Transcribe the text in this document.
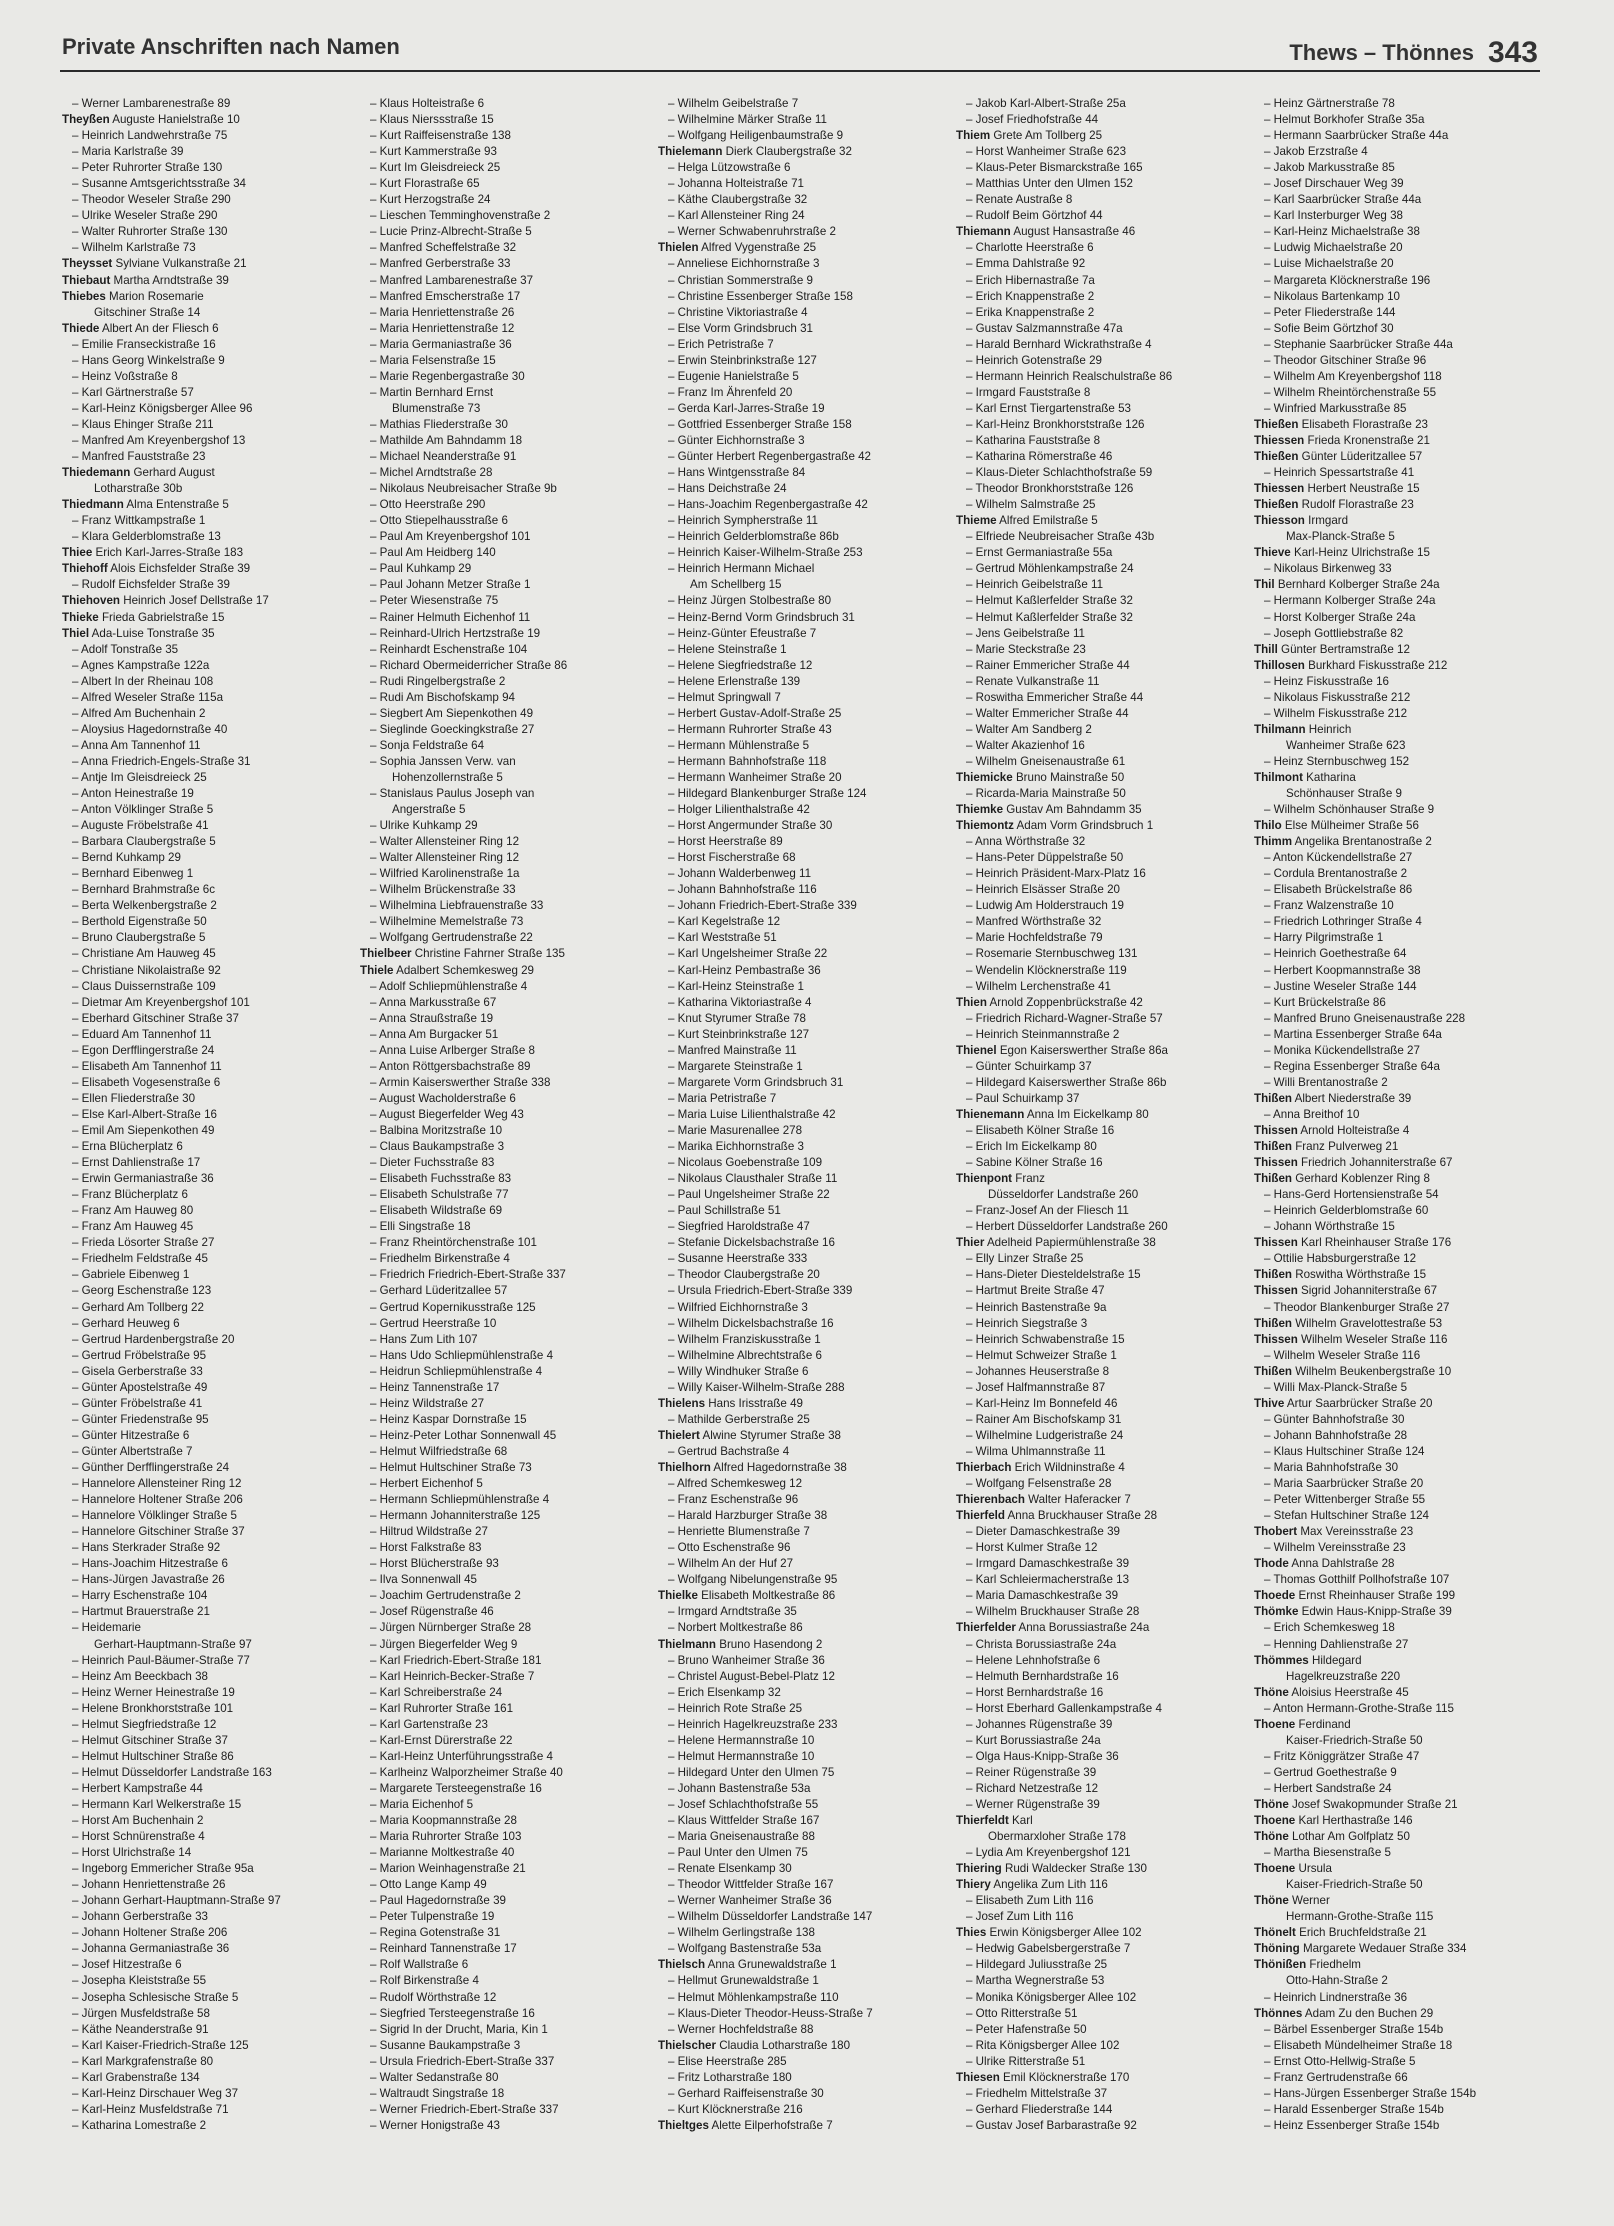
Private Anschriften nach Namen	Thews – Thönnes 343
– Werner Lambarenestraße 89
Theyßen Auguste Hanielstraße 10
– Heinrich Landwehrstraße 75
– Maria Karlstraße 39
– Peter Ruhrorter Straße 130
– Susanne Amtsgerichtsstraße 34
– Theodor Weseler Straße 290
– Ulrike Weseler Straße 290
– Walter Ruhrorter Straße 130
– Wilhelm Karlstraße 73
Theysset Sylviane Vulkanstraße 21
Thiebaut Martha Arndtstraße 39
Thiebes Marion Rosemarie
Gitschiner Straße 14
Thiede Albert An der Fliesch 6
– Emilie Franseckistraße 16
– Hans Georg Winkelstraße 9
– Heinz Voßstraße 8
– Karl Gärtnerstraße 57
– Karl-Heinz Königsberger Allee 96
– Klaus Ehinger Straße 211
– Manfred Am Kreyenbergshof 13
– Manfred Fauststraße 23
Thiedemann Gerhard August
Lotharstraße 30b
Thiedmann Alma Entenstraße 5
– Franz Wittkampstraße 1
– Klara Gelderblomstraße 13
Thiee Erich Karl-Jarres-Straße 183
Thiehoff Alois Eichsfelder Straße 39
– Rudolf Eichsfelder Straße 39
Thiehoven Heinrich Josef Dellstraße 17
Thieke Frieda Gabrielstraße 15
Thiel Ada-Luise Tonstraße 35
– Adolf Tonstraße 35
– Agnes Kampstraße 122a
– Albert In der Rheinau 108
– Alfred Weseler Straße 115a
– Alfred Am Buchenhain 2
– Aloysius Hagedornstraße 40
– Anna Am Tannenhof 11
– Anna Friedrich-Engels-Straße 31
– Antje Im Gleisdreieck 25
– Anton Heinestraße 19
– Anton Völklinger Straße 5
– Auguste Fröbelstraße 41
– Barbara Claubergstraße 5
– Bernd Kuhkamp 29
– Bernhard Eibenweg 1
– Bernhard Brahmstraße 6c
– Berta Welkenbergstraße 2
– Berthold Eigenstraße 50
– Bruno Claubergstraße 5
– Christiane Am Hauweg 45
– Christiane Nikolaistraße 92
– Claus Duissernstraße 109
– Dietmar Am Kreyenbergshof 101
– Eberhard Gitschiner Straße 37
– Eduard Am Tannenhof 11
– Egon Derfflingerstraße 24
– Elisabeth Am Tannenhof 11
– Elisabeth Vogesenstraße 6
– Ellen Fliederstraße 30
– Else Karl-Albert-Straße 16
– Emil Am Siepenkothen 49
– Erna Blücherplatz 6
– Ernst Dahlienstraße 17
– Erwin Germaniastraße 36
– Franz Blücherplatz 6
– Franz Am Hauweg 80
– Franz Am Hauweg 45
– Frieda Lösorter Straße 27
– Friedhelm Feldstraße 45
– Gabriele Eibenweg 1
– Georg Eschenstraße 123
– Gerhard Am Tollberg 22
– Gerhard Heuweg 6
– Gertrud Hardenbergstraße 20
– Gertrud Fröbelstraße 95
– Gisela Gerberstraße 33
– Günter Apostelstraße 49
– Günter Fröbelstraße 41
– Günter Friedenstraße 95
– Günter Hitzestraße 6
– Günter Albertstraße 7
– Günther Derfflingerstraße 24
– Hannelore Allensteiner Ring 12
– Hannelore Holtener Straße 206
– Hannelore Völklinger Straße 5
– Hannelore Gitschiner Straße 37
– Hans Sterkrader Straße 92
– Hans-Joachim Hitzestraße 6
– Hans-Jürgen Javastraße 26
– Harry Eschenstraße 104
– Hartmut Brauerstraße 21
– Heidemarie
Gerhart-Hauptmann-Straße 97
– Heinrich Paul-Bäumer-Straße 77
– Heinz Am Beeckbach 38
– Heinz Werner Heinestraße 19
– Helene Bronkhorststraße 101
– Helmut Siegfriedstraße 12
– Helmut Gitschiner Straße 37
– Helmut Hultschiner Straße 86
– Helmut Düsseldorfer Landstraße 163
– Herbert Kampstraße 44
– Hermann Karl Welkerstraße 15
– Horst Am Buchenhain 2
– Horst Schnürenstraße 4
– Horst Ulrichstraße 14
– Ingeborg Emmericher Straße 95a
– Johann Henriettenstraße 26
– Johann Gerhart-Hauptmann-Straße 97
– Johann Gerberstraße 33
– Johann Holtener Straße 206
– Johanna Germaniastraße 36
– Josef Hitzestraße 6
– Josepha Kleiststraße 55
– Josepha Schlesische Straße 5
– Jürgen Musfeldstraße 58
– Käthe Neanderstraße 91
– Karl Kaiser-Friedrich-Straße 125
– Karl Markgrafenstraße 80
– Karl Grabenstraße 134
– Karl-Heinz Dirschauer Weg 37
– Karl-Heinz Musfeldstraße 71
– Katharina Lomestraße 2
– Klaus Holteistraße 6
– Klaus Nierssstraße 15
– Kurt Raiffeisenstraße 138
– Kurt Kammerstraße 93
– Kurt Im Gleisdreieck 25
– Kurt Florastraße 65
– Kurt Herzogstraße 24
– Lieschen Temminghovenstraße 2
– Lucie Prinz-Albrecht-Straße 5
– Manfred Scheffelstraße 32
– Manfred Gerberstraße 33
– Manfred Lambarenestraße 37
– Manfred Emscherstraße 17
– Maria Henriettenstraße 26
– Maria Henriettenstraße 12
– Maria Germaniastraße 36
– Maria Felsenstraße 15
– Marie Regenbergastraße 30
– Martin Bernhard Ernst
Blumenstraße 73
– Mathias Fliederstraße 30
– Mathilde Am Bahndamm 18
– Michael Neanderstraße 91
– Michel Arndtstraße 28
– Nikolaus Neubreisacher Straße 9b
– Otto Heerstraße 290
– Otto Stiepelhausstraße 6
– Paul Am Kreyenbergshof 101
– Paul Am Heidberg 140
– Paul Kuhkamp 29
– Paul Johann Metzer Straße 1
– Peter Wiesenstraße 75
– Rainer Helmuth Eichenhof 11
– Reinhard-Ulrich Hertzstraße 19
– Reinhardt Eschenstraße 104
– Richard Obermeiderricher Straße 86
– Rudi Ringelbergstraße 2
– Rudi Am Bischofskamp 94
– Siegbert Am Siepenkothen 49
– Sieglinde Goeckingkstraße 27
– Sonja Feldstraße 64
– Sophia Janssen Verw. van
Hohenzollernstraße 5
– Stanislaus Paulus Joseph van
Angerstraße 5
– Ulrike Kuhkamp 29
– Walter Allensteiner Ring 12
– Walter Allensteiner Ring 12
– Wilfried Karolinenstraße 1a
– Wilhelm Brückenstraße 33
– Wilhelmina Liebfrauenstraße 33
– Wilhelmine Memelstraße 73
– Wolfgang Gertrudenstraße 22
Thielbeer Christine Fahrner Straße 135
Thiele Adalbert Schemkesweg 29
– Adolf Schliepmühlenstraße 4
– Anna Markusstraße 67
– Anna Straußstraße 19
– Anna Am Burgacker 51
– Anna Luise Arlberger Straße 8
– Anton Röttgersbachstraße 89
– Armin Kaiserswerther Straße 338
– August Wacholderstraße 6
– August Biegerfelder Weg 43
– Balbina Moritzstraße 10
– Claus Baukampstraße 3
– Dieter Fuchsstraße 83
– Elisabeth Fuchsstraße 83
– Elisabeth Schulstraße 77
– Elisabeth Wildstraße 69
– Elli Singstraße 18
– Franz Rheintörchenstraße 101
– Friedhelm Birkenstraße 4
– Friedrich Friedrich-Ebert-Straße 337
– Gerhard Lüderitzallee 57
– Gertrud Kopernikusstraße 125
– Gertrud Heerstraße 10
– Hans Zum Lith 107
– Hans Udo Schliepmühlenstraße 4
– Heidrun Schliepmühlenstraße 4
– Heinz Tannenstraße 17
– Heinz Wildstraße 27
– Heinz Kaspar Dornstraße 15
– Heinz-Peter Lothar Sonnenwall 45
– Helmut Wilfriedstraße 68
– Helmut Hultschiner Straße 73
– Herbert Eichenhof 5
– Hermann Schliepmühlenstraße 4
– Hermann Johanniterstraße 125
– Hiltrud Wildstraße 27
– Horst Falkstraße 83
– Horst Blücherstraße 93
– Ilva Sonnenwall 45
– Joachim Gertrudenstraße 2
– Josef Rügenstraße 46
– Jürgen Nürnberger Straße 28
– Jürgen Biegerfelder Weg 9
– Karl Friedrich-Ebert-Straße 181
– Karl Heinrich-Becker-Straße 7
– Karl Schreiberstraße 24
– Karl Ruhrorter Straße 161
– Karl Gartenstraße 23
– Karl-Ernst Dürerstraße 22
– Karl-Heinz Unterführungsstraße 4
– Karlheinz Walporzheimer Straße 40
– Margarete Tersteegenstraße 16
– Maria Eichenhof 5
– Maria Koopmannstraße 28
– Maria Ruhrorter Straße 103
– Marianne Moltkestraße 40
– Marion Weinhagenstraße 21
– Otto Lange Kamp 49
– Paul Hagedornstraße 39
– Peter Tulpenstraße 19
– Regina Gotenstraße 31
– Reinhard Tannenstraße 17
– Rolf Wallstraße 6
– Rolf Birkenstraße 4
– Rudolf Wörthstraße 12
– Siegfried Tersteegenstraße 16
– Sigrid In der Drucht, Maria, Kin 1
– Susanne Baukampstraße 3
– Ursula Friedrich-Ebert-Straße 337
– Walter Sedanstraße 80
– Waltraudt Singstraße 18
– Werner Friedrich-Ebert-Straße 337
– Werner Honigstraße 43
– Wilhelm Geibelstraße 7
– Wilhelmine Märker Straße 11
– Wolfgang Heiligenbaumstraße 9
Thielemann Dierk Claubergstraße 32
– Helga Lützowstraße 6
– Johanna Holteistraße 71
– Käthe Claubergstraße 32
– Karl Allensteiner Ring 24
– Werner Schwabenruhrstraße 2
Thielen Alfred Vygenstraße 25
– Anneliese Eichhornstraße 3
– Christian Sommerstraße 9
– Christine Essenberger Straße 158
– Christine Viktoriastraße 4
– Else Vorm Grindsbruch 31
– Erich Petristraße 7
– Erwin Steinbrinkstraße 127
– Eugenie Hanielstraße 5
– Franz Im Ährenfeld 20
– Gerda Karl-Jarres-Straße 19
– Gottfried Essenberger Straße 158
– Günter Eichhornstraße 3
– Günter Herbert Regenbergastraße 42
– Hans Wintgensstraße 84
– Hans Deichstraße 24
– Hans-Joachim Regenbergastraße 42
– Heinrich Sympherstraße 11
– Heinrich Gelderblomstraße 86b
– Heinrich Kaiser-Wilhelm-Straße 253
– Heinrich Hermann Michael
Am Schellberg 15
– Heinz Jürgen Stolbestraße 80
– Heinz-Bernd Vorm Grindsbruch 31
– Heinz-Günter Efeustraße 7
– Helene Steinstraße 1
– Helene Siegfriedstraße 12
– Helene Erlenstraße 139
– Helmut Springwall 7
– Herbert Gustav-Adolf-Straße 25
– Hermann Ruhrorter Straße 43
– Hermann Mühlenstraße 5
– Hermann Bahnhofstraße 118
– Hermann Wanheimer Straße 20
– Hildegard Blankenburger Straße 124
– Holger Lilienthalstraße 42
– Horst Angermunder Straße 30
– Horst Heerstraße 89
– Horst Fischerstraße 68
– Johann Walderbenweg 11
– Johann Bahnhofstraße 116
– Johann Friedrich-Ebert-Straße 339
– Karl Kegelstraße 12
– Karl Weststraße 51
– Karl Ungelsheimer Straße 22
– Karl-Heinz Pembastraße 36
– Karl-Heinz Steinstraße 1
– Katharina Viktoriastraße 4
– Knut Styrumer Straße 78
– Kurt Steinbrinkstraße 127
– Manfred Mainstraße 11
– Margarete Steinstraße 1
– Margarete Vorm Grindsbruch 31
– Maria Petristraße 7
– Maria Luise Lilienthalstraße 42
– Marie Masurenallee 278
– Marika Eichhornstraße 3
– Nicolaus Goebenstraße 109
– Nikolaus Clausthaler Straße 11
– Paul Ungelsheimer Straße 22
– Paul Schillstraße 51
– Siegfried Haroldstraße 47
– Stefanie Dickelsbachstraße 16
– Susanne Heerstraße 333
– Theodor Claubergstraße 20
– Ursula Friedrich-Ebert-Straße 339
– Wilfried Eichhornstraße 3
– Wilhelm Dickelsbachstraße 16
– Wilhelm Franziskusstraße 1
– Wilhelmine Albrechtstraße 6
– Willy Windhuker Straße 6
– Willy Kaiser-Wilhelm-Straße 288
Thielens Hans Irisstraße 49
– Mathilde Gerberstraße 25
Thielert Alwine Styrumer Straße 38
– Gertrud Bachstraße 4
Thielhorn Alfred Hagedornstraße 38
– Alfred Schemkesweg 12
– Franz Eschenstraße 96
– Harald Harzburger Straße 38
– Henriette Blumenstraße 7
– Otto Eschenstraße 96
– Wilhelm An der Huf 27
– Wolfgang Nibelungenstraße 95
Thielke Elisabeth Moltkestraße 86
– Irmgard Arndtstraße 35
– Norbert Moltkestraße 86
Thielmann Bruno Hasendong 2
– Bruno Wanheimer Straße 36
– Christel August-Bebel-Platz 12
– Erich Elsenkamp 32
– Heinrich Rote Straße 25
– Heinrich Hagelkreuzstraße 233
– Helene Hermannstraße 10
– Helmut Hermannstraße 10
– Hildegard Unter den Ulmen 75
– Johann Bastenstraße 53a
– Josef Schlachthofstraße 55
– Klaus Wittfelder Straße 167
– Maria Gneisenaustraße 88
– Paul Unter den Ulmen 75
– Renate Elsenkamp 30
– Theodor Wittfelder Straße 167
– Werner Wanheimer Straße 36
– Wilhelm Düsseldorfer Landstraße 147
– Wilhelm Gerlingstraße 138
– Wolfgang Bastenstraße 53a
Thielsch Anna Grunewaldstraße 1
– Hellmut Grunewaldstraße 1
– Helmut Möhlenkampstraße 110
– Klaus-Dieter Theodor-Heuss-Straße 7
– Werner Hochfeldstraße 88
Thielscher Claudia Lotharstraße 180
– Elise Heerstraße 285
– Fritz Lotharstraße 180
– Gerhard Raiffeisenstraße 30
– Kurt Klöcknerstraße 216
Thieltges Alette Eilperhofstraße 7
– Jakob Karl-Albert-Straße 25a
– Josef Friedhofstraße 44
Thiem Grete Am Tollberg 25
– Horst Wanheimer Straße 623
– Klaus-Peter Bismarckstraße 165
– Matthias Unter den Ulmen 152
– Renate Austraße 8
– Rudolf Beim Görtzhof 44
Thiemann August Hansastraße 46
– Charlotte Heerstraße 6
– Emma Dahlstraße 92
– Erich Hibernastraße 7a
– Erich Knappenstraße 2
– Erika Knappenstraße 2
– Gustav Salzmannstraße 47a
– Harald Bernhard Wickrathstraße 4
– Heinrich Gotenstraße 29
– Hermann Heinrich Realschulstraße 86
– Irmgard Fauststraße 8
– Karl Ernst Tiergartenstraße 53
– Karl-Heinz Bronkhorststraße 126
– Katharina Fauststraße 8
– Katharina Römerstraße 46
– Klaus-Dieter Schlachthofstraße 59
– Theodor Bronkhorststraße 126
– Wilhelm Salmstraße 25
Thieme Alfred Emilstraße 5
– Elfriede Neubreisacher Straße 43b
– Ernst Germaniastraße 55a
– Gertrud Möhlenkampstraße 24
– Heinrich Geibelstraße 11
– Helmut Kaßlerfelder Straße 32
– Helmut Kaßlerfelder Straße 32
– Jens Geibelstraße 11
– Marie Steckstraße 23
– Rainer Emmericher Straße 44
– Renate Vulkanstraße 11
– Roswitha Emmericher Straße 44
– Walter Emmericher Straße 44
– Walter Am Sandberg 2
– Walter Akazienhof 16
– Wilhelm Gneisenaustraße 61
Thiemicke Bruno Mainstraße 50
– Ricarda-Maria Mainstraße 50
Thiemke Gustav Am Bahndamm 35
Thiemontz Adam Vorm Grindsbruch 1
– Anna Wörthstraße 32
– Hans-Peter Düppelstraße 50
– Heinrich Präsident-Marx-Platz 16
– Heinrich Elsässer Straße 20
– Ludwig Am Holderstrauch 19
– Manfred Wörthstraße 32
– Marie Hochfeldstraße 79
– Rosemarie Sternbuschweg 131
– Wendelin Klöcknerstraße 119
– Wilhelm Lerchenstraße 41
Thien Arnold Zoppenbrückstraße 42
– Friedrich Richard-Wagner-Straße 57
– Heinrich Steinmannstraße 2
Thienel Egon Kaiserswerther Straße 86a
– Günter Schuirkamp 37
– Hildegard Kaiserswerther Straße 86b
– Paul Schuirkamp 37
Thienemann Anna Im Eickelkamp 80
– Elisabeth Kölner Straße 16
– Erich Im Eickelkamp 80
– Sabine Kölner Straße 16
Thienpont Franz
Düsseldorfer Landstraße 260
– Franz-Josef An der Fliesch 11
– Herbert Düsseldorfer Landstraße 260
Thier Adelheid Papiermühlenstraße 38
– Elly Linzer Straße 25
– Hans-Dieter Diesteldelstraße 15
– Hartmut Breite Straße 47
– Heinrich Bastenstraße 9a
– Heinrich Siegstraße 3
– Heinrich Schwabenstraße 15
– Helmut Schweizer Straße 1
– Johannes Heuserstraße 8
– Josef Halfmannstraße 87
– Karl-Heinz Im Bonnefeld 46
– Rainer Am Bischofskamp 31
– Wilhelmine Ludgeristraße 24
– Wilma Uhlmannstraße 11
Thierbach Erich Wildninstraße 4
– Wolfgang Felsenstraße 28
Thierenbach Walter Haferacker 7
Thierfeld Anna Bruckhauser Straße 28
– Dieter Damaschkestraße 39
– Horst Kulmer Straße 12
– Irmgard Damaschkestraße 39
– Karl Schleiermacherstraße 13
– Maria Damaschkestraße 39
– Wilhelm Bruckhauser Straße 28
Thierfelder Anna Borussiastraße 24a
– Christa Borussiastraße 24a
– Helene Lehnhofstraße 6
– Helmuth Bernhardstraße 16
– Horst Bernhardstraße 16
– Horst Eberhard Gallenkampstraße 4
– Johannes Rügenstraße 39
– Kurt Borussiastraße 24a
– Olga Haus-Knipp-Straße 36
– Reiner Rügenstraße 39
– Richard Netzestraße 12
– Werner Rügenstraße 39
Thierfeldt Karl
Obermarxloher Straße 178
– Lydia Am Kreyenbergshof 121
Thiering Rudi Waldecker Straße 130
Thiery Angelika Zum Lith 116
– Elisabeth Zum Lith 116
– Josef Zum Lith 116
Thies Erwin Königsberger Allee 102
– Hedwig Gabelsbergerstraße 7
– Hildegard Juliusstraße 25
– Martha Wegnerstraße 53
– Monika Königsberger Allee 102
– Otto Ritterstraße 51
– Peter Hafenstraße 50
– Rita Königsberger Allee 102
– Ulrike Ritterstraße 51
Thiesen Emil Klöcknerstraße 170
– Friedhelm Mittelstraße 37
– Gerhard Fliederstraße 144
– Gustav Josef Barbarastraße 92
– Heinz Gärtnerstraße 78
– Helmut Borkhofer Straße 35a
– Hermann Saarbrücker Straße 44a
– Jakob Erzstraße 4
– Jakob Markusstraße 85
– Josef Dirschauer Weg 39
– Karl Saarbrücker Straße 44a
– Karl Insterburger Weg 38
– Karl-Heinz Michaelstraße 38
– Ludwig Michaelstraße 20
– Luise Michaelstraße 20
– Margareta Klöcknerstraße 196
– Nikolaus Bartenkamp 10
– Peter Fliederstraße 144
– Sofie Beim Görtzhof 30
– Stephanie Saarbrücker Straße 44a
– Theodor Gitschiner Straße 96
– Wilhelm Am Kreyenbergshof 118
– Wilhelm Rheintörchenstraße 55
– Winfried Markusstraße 85
Thießen Elisabeth Florastraße 23
Thiessen Frieda Kronenstraße 21
Thießen Günter Lüderitzallee 57
– Heinrich Spessartstraße 41
Thiessen Herbert Neustraße 15
Thießen Rudolf Florastraße 23
Thiesson Irmgard
Max-Planck-Straße 5
Thieve Karl-Heinz Ulrichstraße 15
– Nikolaus Birkenweg 33
Thil Bernhard Kolberger Straße 24a
– Hermann Kolberger Straße 24a
– Horst Kolberger Straße 24a
– Joseph Gottliebstraße 82
Thill Günter Bertramstraße 12
Thillosen Burkhard Fiskusstraße 212
– Heinz Fiskusstraße 16
– Nikolaus Fiskusstraße 212
– Wilhelm Fiskusstraße 212
Thilmann Heinrich
Wanheimer Straße 623
– Heinz Sternbuschweg 152
Thilmont Katharina
Schönhauser Straße 9
– Wilhelm Schönhauser Straße 9
Thilo Else Mülheimer Straße 56
Thimm Angelika Brentanostraße 2
– Anton Kückendellstraße 27
– Cordula Brentanostraße 2
– Elisabeth Brückelstraße 86
– Franz Walzenstraße 10
– Friedrich Lothringer Straße 4
– Harry Pilgrimstraße 1
– Heinrich Goethestraße 64
– Herbert Koopmannstraße 38
– Justine Weseler Straße 144
– Kurt Brückelstraße 86
– Manfred Bruno Gneisenaustraße 228
– Martina Essenberger Straße 64a
– Monika Kückendellstraße 27
– Regina Essenberger Straße 64a
– Willi Brentanostraße 2
Thißen Albert Niederstraße 39
– Anna Breithof 10
Thissen Arnold Holteistraße 4
Thißen Franz Pulverweg 21
Thissen Friedrich Johanniterstraße 67
Thißen Gerhard Koblenzer Ring 8
– Hans-Gerd Hortensienstraße 54
– Heinrich Gelderblomstraße 60
– Johann Wörthstraße 15
Thissen Karl Rheinhauser Straße 176
– Ottilie Habsburgerstraße 12
Thißen Roswitha Wörthstraße 15
Thissen Sigrid Johanniterstraße 67
– Theodor Blankenburger Straße 27
Thißen Wilhelm Gravelottestraße 53
Thissen Wilhelm Weseler Straße 116
– Wilhelm Weseler Straße 116
Thißen Wilhelm Beukenbergstraße 10
– Willi Max-Planck-Straße 5
Thive Artur Saarbrücker Straße 20
– Günter Bahnhofstraße 30
– Johann Bahnhofstraße 28
– Klaus Hultschiner Straße 124
– Maria Bahnhofstraße 30
– Maria Saarbrücker Straße 20
– Peter Wittenberger Straße 55
– Stefan Hultschiner Straße 124
Thobert Max Vereinsstraße 23
– Wilhelm Vereinsstraße 23
Thode Anna Dahlstraße 28
– Thomas Gotthilf Pollhofstraße 107
Thoede Ernst Rheinhauser Straße 199
Thömke Edwin Haus-Knipp-Straße 39
– Erich Schemkesweg 18
– Henning Dahlienstraße 27
Thömmes Hildegard
Hagelkreuzstraße 220
Thöne Aloisius Heerstraße 45
– Anton Hermann-Grothe-Straße 115
Thoene Ferdinand
Kaiser-Friedrich-Straße 50
– Fritz Königgrätzer Straße 47
– Gertrud Goethestraße 9
– Herbert Sandstraße 24
Thöne Josef Swakopmunder Straße 21
Thoene Karl Herthastraße 146
Thöne Lothar Am Golfplatz 50
– Martha Biesenstraße 5
Thoene Ursula
Kaiser-Friedrich-Straße 50
Thöne Werner
Hermann-Grothe-Straße 115
Thönelt Erich Bruchfeldstraße 21
Thöning Margarete Wedauer Straße 334
Thönißen Friedhelm
Otto-Hahn-Straße 2
– Heinrich Lindnerstraße 36
Thönnes Adam Zu den Buchen 29
– Bärbel Essenberger Straße 154b
– Elisabeth Mündelheimer Straße 18
– Ernst Otto-Hellwig-Straße 5
– Franz Gertrudenstraße 66
– Hans-Jürgen Essenberger Straße 154b
– Harald Essenberger Straße 154b
– Heinz Essenberger Straße 154b
